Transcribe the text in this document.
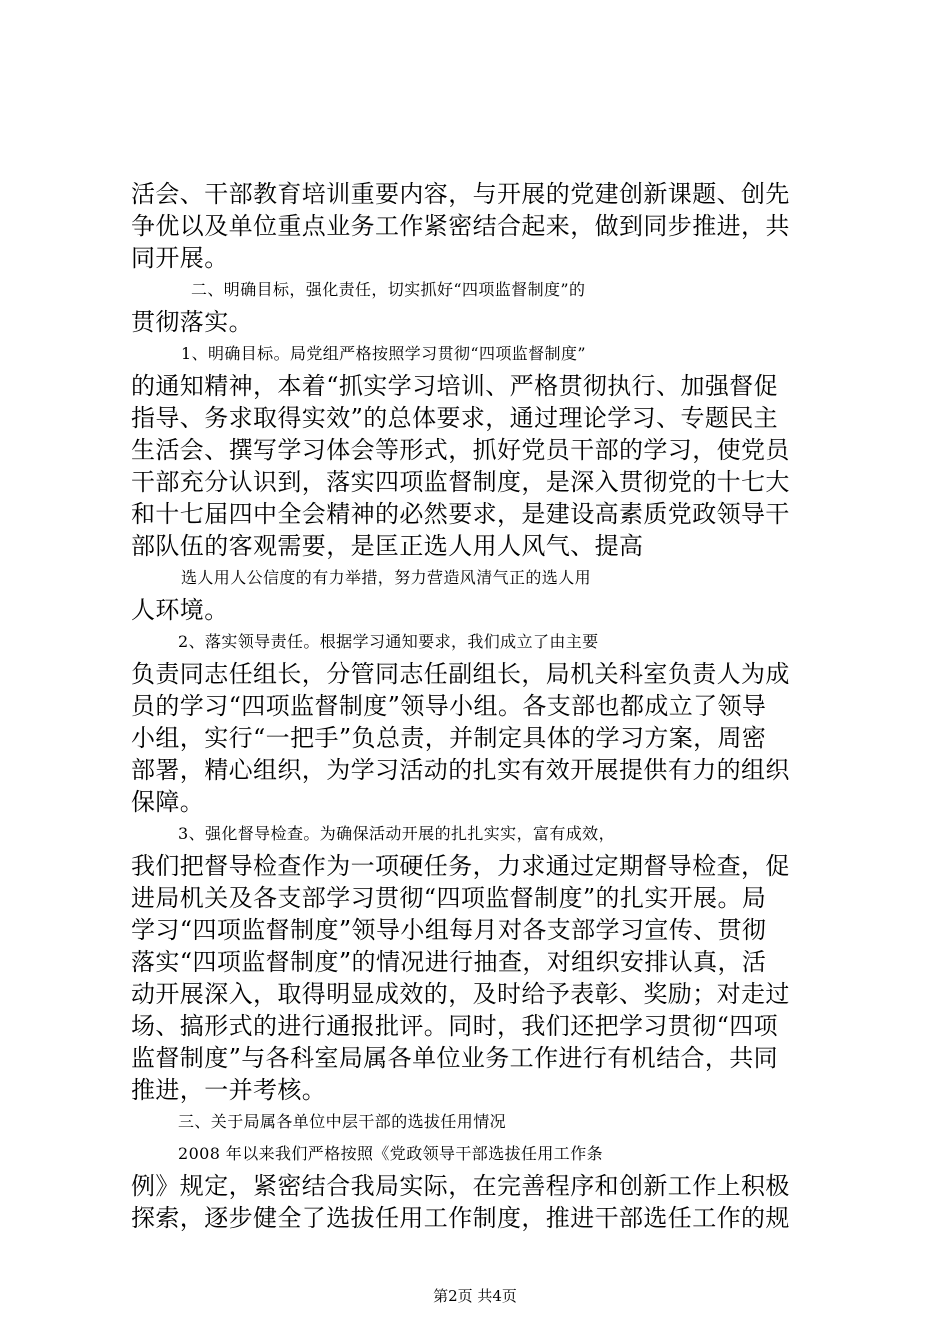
活会、干部教育培训重要内容，与开展的党建创新课题、创先
争优以及单位重点业务工作紧密结合起来，做到同步推进，共
同开展。
二、明确目标，强化责任，切实抓好“四项监督制度”的
贯彻落实。
1、明确目标。局党组严格按照学习贯彻“四项监督制度”
的通知精神，本着“抓实学习培训、严格贯彻执行、加强督促
指导、务求取得实效”的总体要求，通过理论学习、专题民主
生活会、撰写学习体会等形式，抓好党员干部的学习，使党员
干部充分认识到，落实四项监督制度，是深入贯彻党的十七大
和十七届四中全会精神的必然要求，是建设高素质党政领导干
部队伍的客观需要，是匡正选人用人风气、提高
选人用人公信度的有力举措，努力营造风清气正的选人用
人环境。
2、落实领导责任。根据学习通知要求，我们成立了由主要
负责同志任组长，分管同志任副组长，局机关科室负责人为成
员的学习“四项监督制度”领导小组。各支部也都成立了领导
小组，实行“一把手”负总责，并制定具体的学习方案，周密
部署，精心组织，为学习活动的扎实有效开展提供有力的组织
保障。
3、强化督导检查。为确保活动开展的扎扎实实，富有成效，
我们把督导检查作为一项硬任务，力求通过定期督导检查，促
进局机关及各支部学习贯彻“四项监督制度”的扎实开展。局
学习“四项监督制度”领导小组每月对各支部学习宣传、贯彻
落实“四项监督制度”的情况进行抽查，对组织安排认真，活
动开展深入，取得明显成效的，及时给予表彰、奖励；对走过
场、搞形式的进行通报批评。同时，我们还把学习贯彻“四项
监督制度”与各科室局属各单位业务工作进行有机结合，共同
推进，一并考核。
三、关于局属各单位中层干部的选拔任用情况
2008 年以来我们严格按照《党政领导干部选拔任用工作条
例》规定，紧密结合我局实际，在完善程序和创新工作上积极
探索，逐步健全了选拔任用工作制度，推进干部选任工作的规
第2页 共4页
